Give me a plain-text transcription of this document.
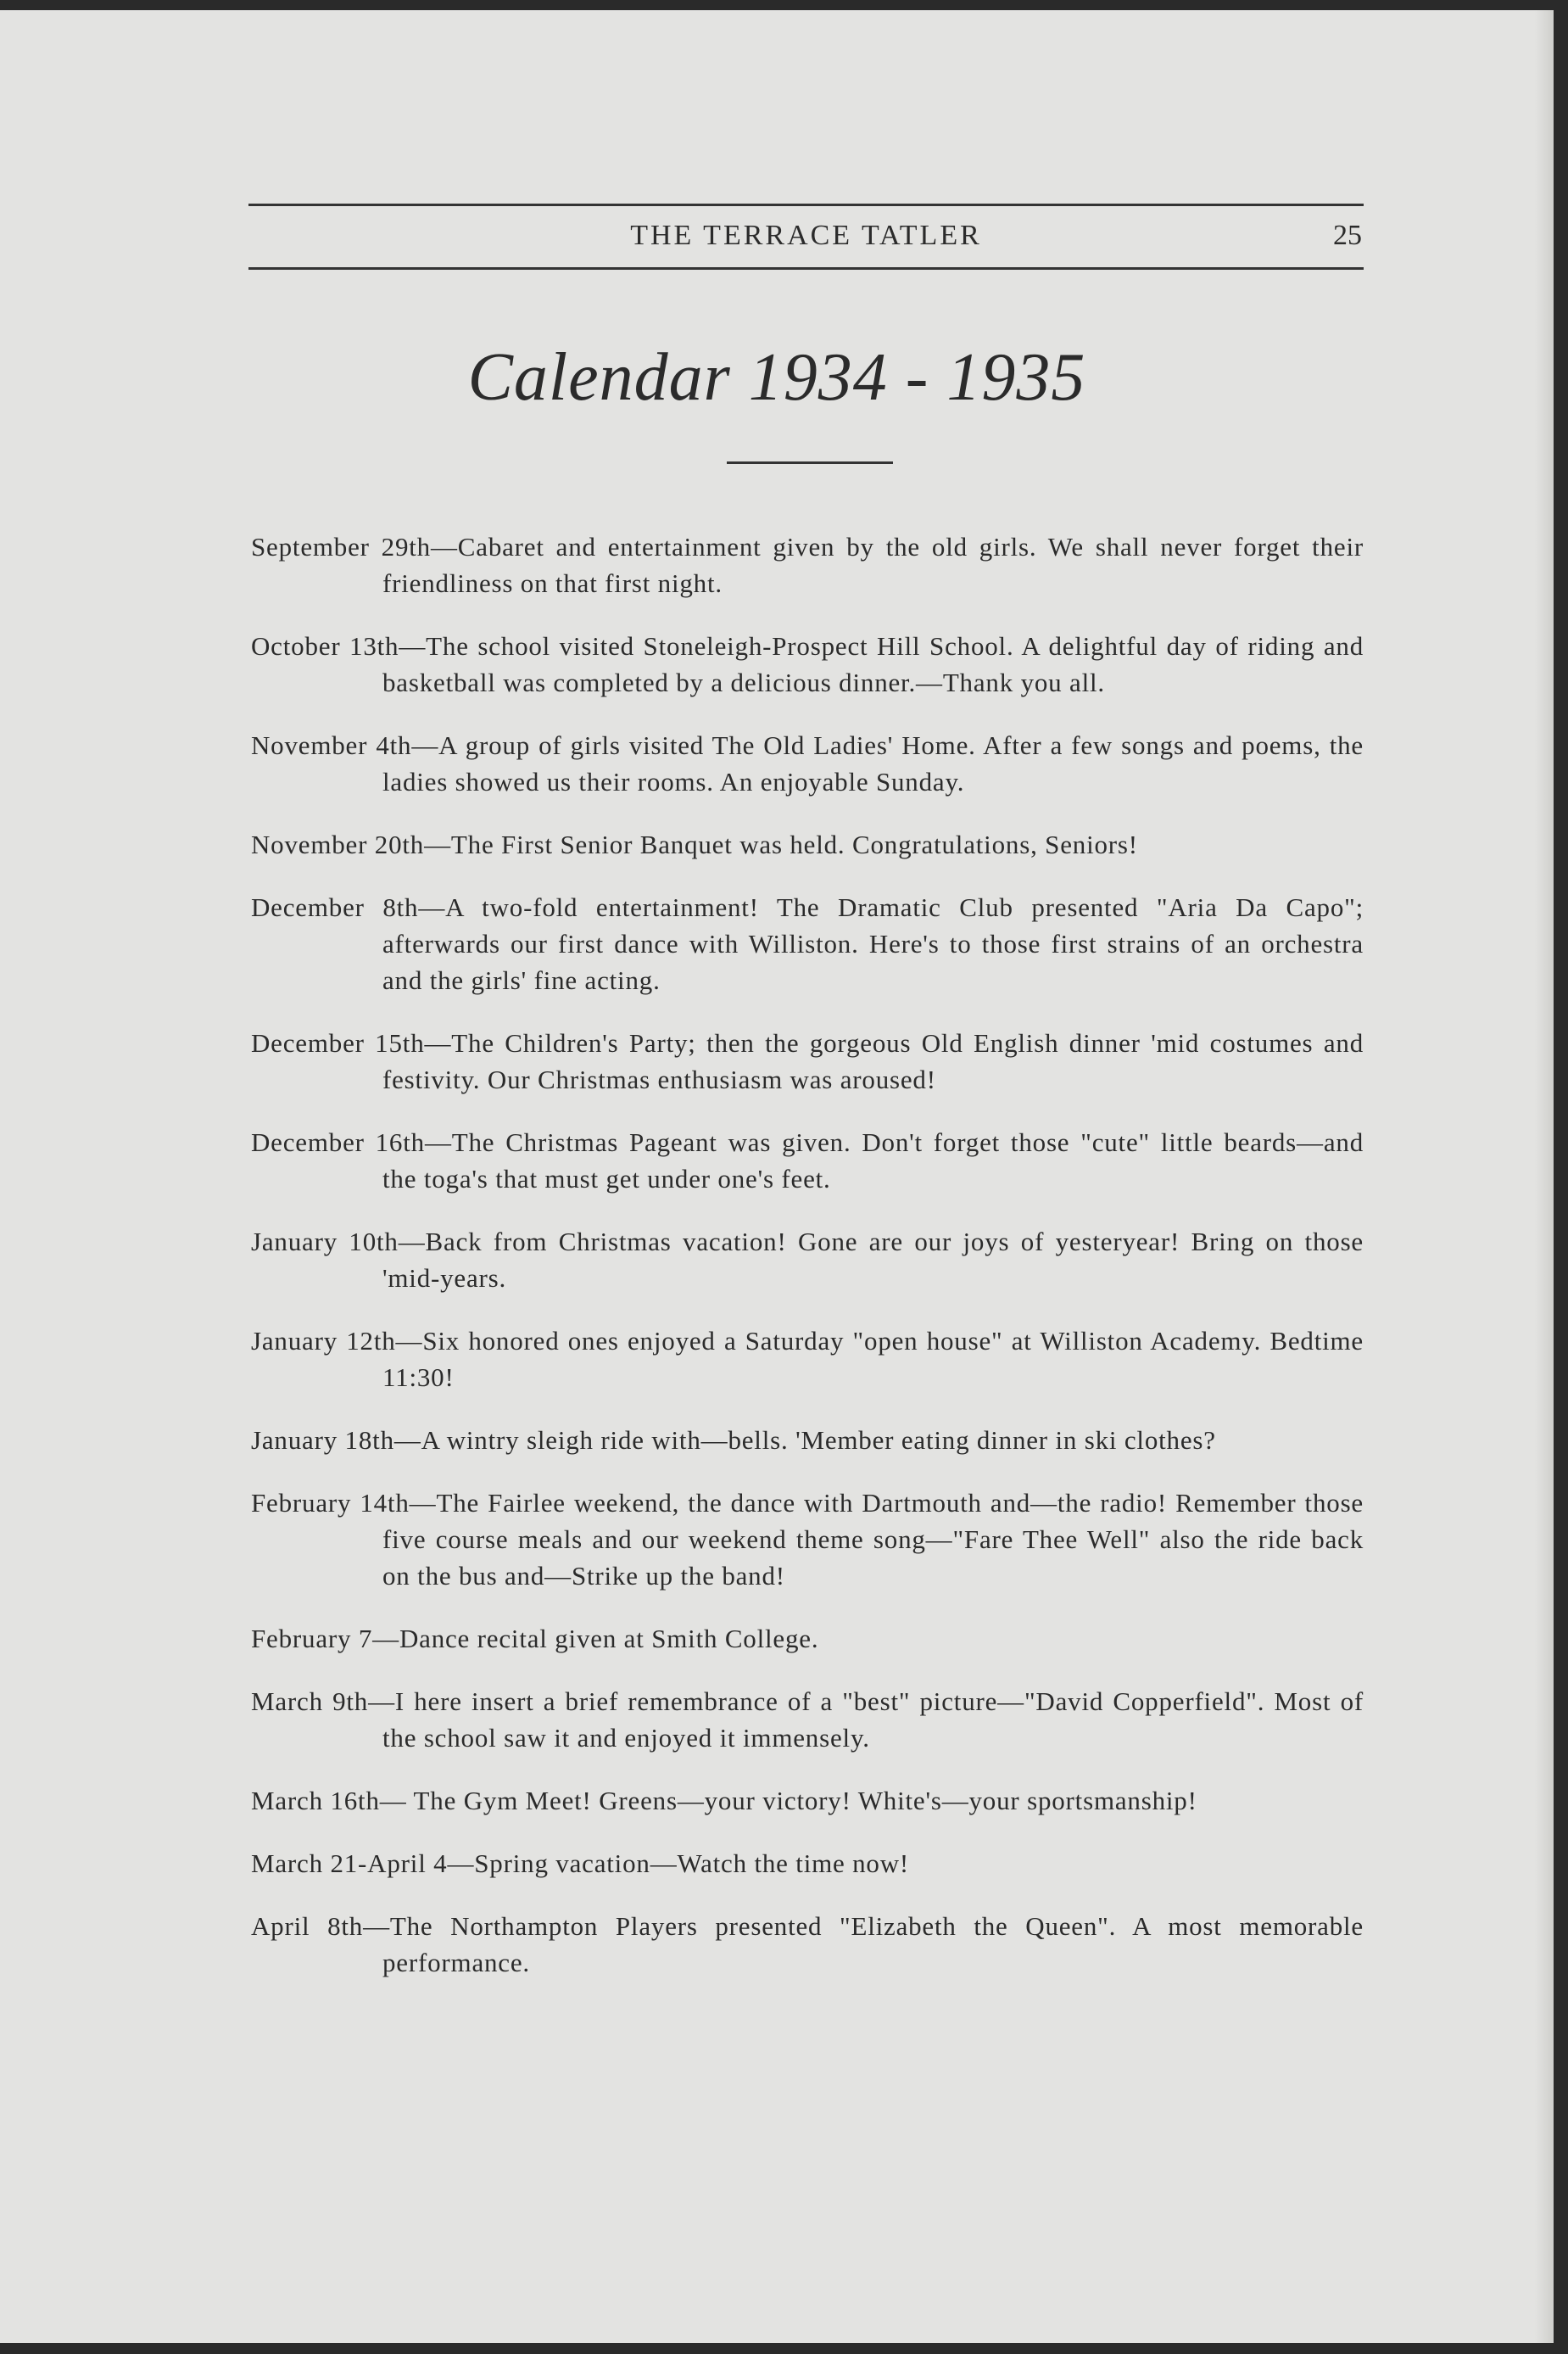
THE TERRACE TATLER	25
Calendar 1934 - 1935

September 29th—Cabaret and entertainment given by the old girls. We shall never forget their friendliness on that first night.

October 13th—The school visited Stoneleigh-Prospect Hill School. A delightful day of riding and basketball was completed by a delicious dinner.—Thank you all.

November 4th—A group of girls visited The Old Ladies' Home. After a few songs and poems, the ladies showed us their rooms. An enjoyable Sunday.

November 20th—The First Senior Banquet was held. Congratulations, Seniors!

December 8th—A two-fold entertainment! The Dramatic Club presented "Aria Da Capo"; afterwards our first dance with Williston. Here's to those first strains of an orchestra and the girls' fine acting.

December 15th—The Children's Party; then the gorgeous Old English dinner 'mid costumes and festivity. Our Christmas enthusiasm was aroused!

December 16th—The Christmas Pageant was given. Don't forget those "cute" little beards—and the toga's that must get under one's feet.

January 10th—Back from Christmas vacation! Gone are our joys of yesteryear! Bring on those 'mid-years.

January 12th—Six honored ones enjoyed a Saturday "open house" at Williston Academy. Bedtime 11:30!

January 18th—A wintry sleigh ride with—bells. 'Member eating dinner in ski clothes?

February 14th—The Fairlee weekend, the dance with Dartmouth and—the radio! Remember those five course meals and our weekend theme song—"Fare Thee Well" also the ride back on the bus and—Strike up the band!

February 7—Dance recital given at Smith College.

March 9th—I here insert a brief remembrance of a "best" picture—"David Copperfield". Most of the school saw it and enjoyed it immensely.

March 16th— The Gym Meet! Greens—your victory! White's—your sportsmanship!

March 21-April 4—Spring vacation—Watch the time now!

April 8th—The Northampton Players presented "Elizabeth the Queen". A most memorable performance.
